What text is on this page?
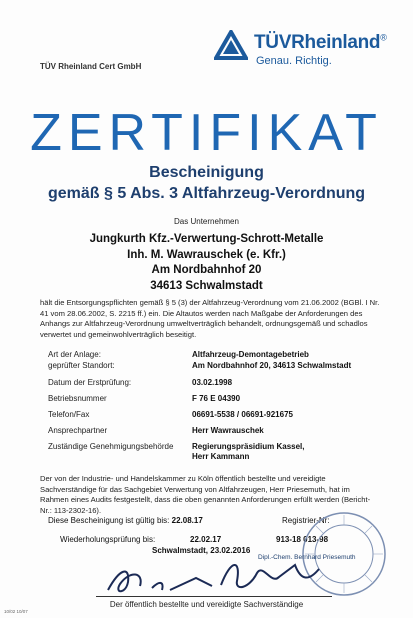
TÜVRheinland®
Genau. Richtig.
TÜV Rheinland Cert GmbH
ZERTIFIKAT
Bescheinigung
gemäß § 5 Abs. 3 Altfahrzeug-Verordnung
Das Unternehmen
Jungkurth Kfz.-Verwertung-Schrott-Metalle
Inh. M. Wawrauschek (e. Kfr.)
Am Nordbahnhof 20
34613 Schwalmstadt
hält die Entsorgungspflichten gemäß § 5 (3) der Altfahrzeug-Verordnung vom 21.06.2002 (BGBl. I Nr. 41 vom 28.06.2002, S. 2215 ff.) ein. Die Altautos werden nach Maßgabe der Anforderungen des Anhangs zur Altfahrzeug-Verordnung umweltverträglich behandelt, ordnungsgemäß und schadlos verwertet und gemeinwohlverträglich beseitigt.
Art der Anlage:	Altfahrzeug-Demontagebetrieb
geprüfter Standort:	Am Nordbahnhof 20, 34613 Schwalmstadt
Datum der Erstprüfung:	03.02.1998
Betriebsnummer	F 76 E 04390
Telefon/Fax	06691-5538 / 06691-921675
Ansprechpartner	Herr Wawrauschek
Zuständige Genehmigungsbehörde Regierungspräsidium Kassel,
Herr Kammann
Der von der Industrie- und Handelskammer zu Köln öffentlich bestellte und vereidigte Sachverständige für das Sachgebiet Verwertung von Altfahrzeugen, Herr Priesemuth, hat im Rahmen eines Audits festgestellt, dass die oben genannten Anforderungen erfüllt werden (Bericht-Nr.: 113-2302-16).
Diese Bescheinigung ist gültig bis: 22.08.17	Registrier-Nr:
Wiederholungsprüfung bis:	22.02.17	913-18 013-98
Schwalmstadt, 23.02.2016
Dipl.-Chem. Bernhard Priesemuth
Der öffentlich bestellte und vereidigte Sachverständige
10/02 10/07
